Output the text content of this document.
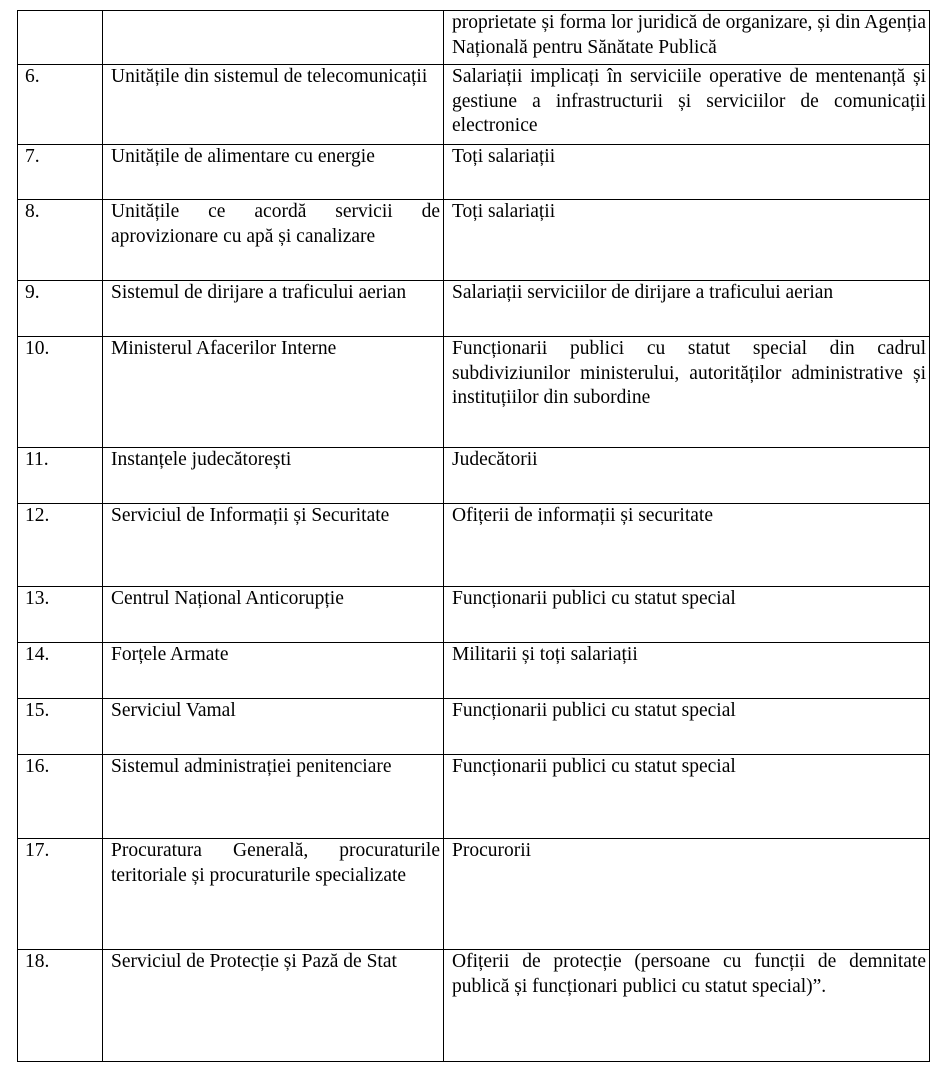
		proprietate și forma lor juridică de organizare, și din Agenția Națională pentru Sănătate Publică
6.	Unitățile din sistemul de telecomunicații	Salariații implicați în serviciile operative de mentenanță și gestiune a infrastructurii și serviciilor de comunicații electronice
7.	Unitățile de alimentare cu energie	Toți salariații
8.	Unitățile ce acordă servicii de aprovizionare cu apă și canalizare	Toți salariații
9.	Sistemul de dirijare a traficului aerian	Salariații serviciilor de dirijare a traficului aerian
10.	Ministerul Afacerilor Interne	Funcționarii publici cu statut special din cadrul subdiviziunilor ministerului, autorităților administrative și instituțiilor din subordine
11.	Instanțele judecătorești	Judecătorii
12.	Serviciul de Informații și Securitate	Ofițerii de informații și securitate
13.	Centrul Național Anticorupție	Funcționarii publici cu statut special
14.	Forțele Armate	Militarii și toți salariații
15.	Serviciul Vamal	Funcționarii publici cu statut special
16.	Sistemul administrației penitenciare	Funcționarii publici cu statut special
17.	Procuratura Generală, procuraturile teritoriale și procuraturile specializate	Procurorii
18.	Serviciul de Protecție și Pază de Stat	Ofițerii de protecție (persoane cu funcții de demnitate publică și funcționari publici cu statut special)”.
